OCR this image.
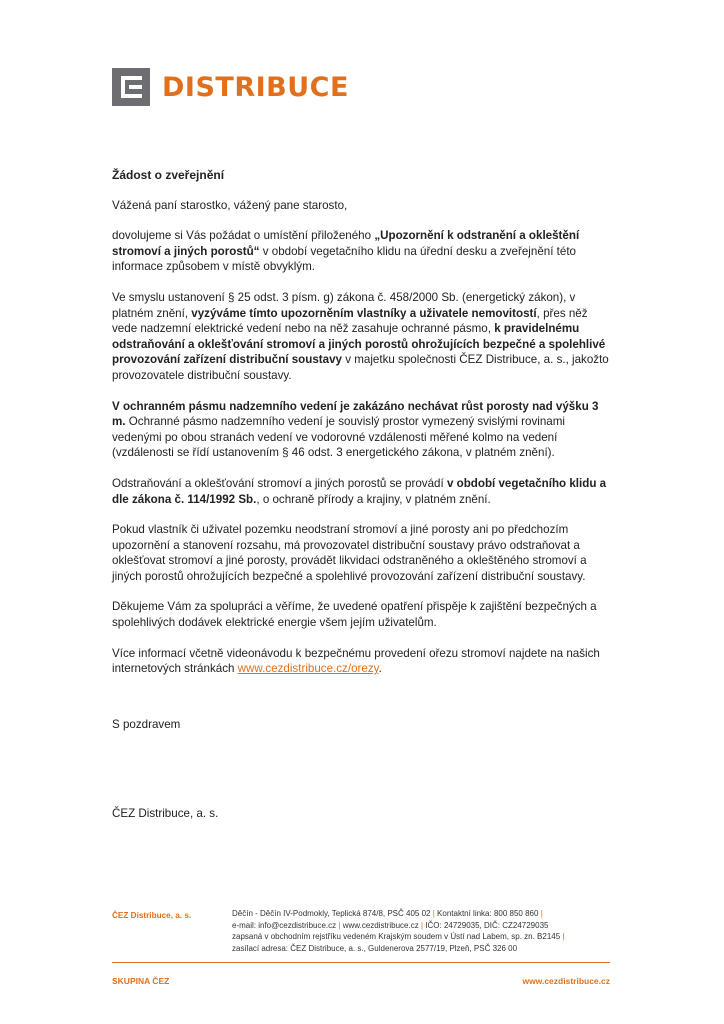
DISTRIBUCE
Žádost o zveřejnění

Vážená paní starostko, vážený pane starosto,

dovolujeme si Vás požádat o umístění přiloženého „Upozornění k odstranění a okleštění stromoví a jiných porostů“ v období vegetačního klidu na úřední desku a zveřejnění této informace způsobem v místě obvyklým.

Ve smyslu ustanovení § 25 odst. 3 písm. g) zákona č. 458/2000 Sb. (energetický zákon), v platném znění, vyzýváme tímto upozorněním vlastníky a uživatele nemovitostí, přes něž vede nadzemní elektrické vedení nebo na něž zasahuje ochranné pásmo, k pravidelnému odstraňování a oklešťování stromoví a jiných porostů ohrožujících bezpečné a spolehlivé provozování zařízení distribuční soustavy v majetku společnosti ČEZ Distribuce, a. s., jakožto provozovatele distribuční soustavy.

V ochranném pásmu nadzemního vedení je zakázáno nechávat růst porosty nad výšku 3 m. Ochranné pásmo nadzemního vedení je souvislý prostor vymezený svislými rovinami vedenými po obou stranách vedení ve vodorovné vzdálenosti měřené kolmo na vedení (vzdálenosti se řídí ustanovením § 46 odst. 3 energetického zákona, v platném znění).

Odstraňování a oklešťování stromoví a jiných porostů se provádí v období vegetačního klidu a dle zákona č. 114/1992 Sb., o ochraně přírody a krajiny, v platném znění.

Pokud vlastník či uživatel pozemku neodstraní stromoví a jiné porosty ani po předchozím upozornění a stanovení rozsahu, má provozovatel distribuční soustavy právo odstraňovat a oklešťovat stromoví a jiné porosty, provádět likvidaci odstraněného a okleštěného stromoví a jiných porostů ohrožujících bezpečné a spolehlivé provozování zařízení distribuční soustavy.

Děkujeme Vám za spolupráci a věříme, že uvedené opatření přispěje k zajištění bezpečných a spolehlivých dodávek elektrické energie všem jejím uživatelům.

Více informací včetně videonávodu k bezpečnému provedení ořezu stromoví najdete na našich internetových stránkách www.cezdistribuce.cz/orezy.

S pozdravem

ČEZ Distribuce, a. s.

ČEZ Distribuce, a. s.	Děčín - Děčín IV-Podmokly, Teplická 874/8, PSČ 405 02 | Kontaktní linka: 800 850 860 |
e-mail: info@cezdistribuce.cz | www.cezdistribuce.cz | IČO: 24729035, DIČ: CZ24729035
zapsaná v obchodním rejstříku vedeném Krajským soudem v Ústí nad Labem, sp. zn. B2145 |
zasílací adresa: ČEZ Distribuce, a. s., Guldenerova 2577/19, Plzeň, PSČ 326 00
SKUPINA ČEZ	www.cezdistribuce.cz
